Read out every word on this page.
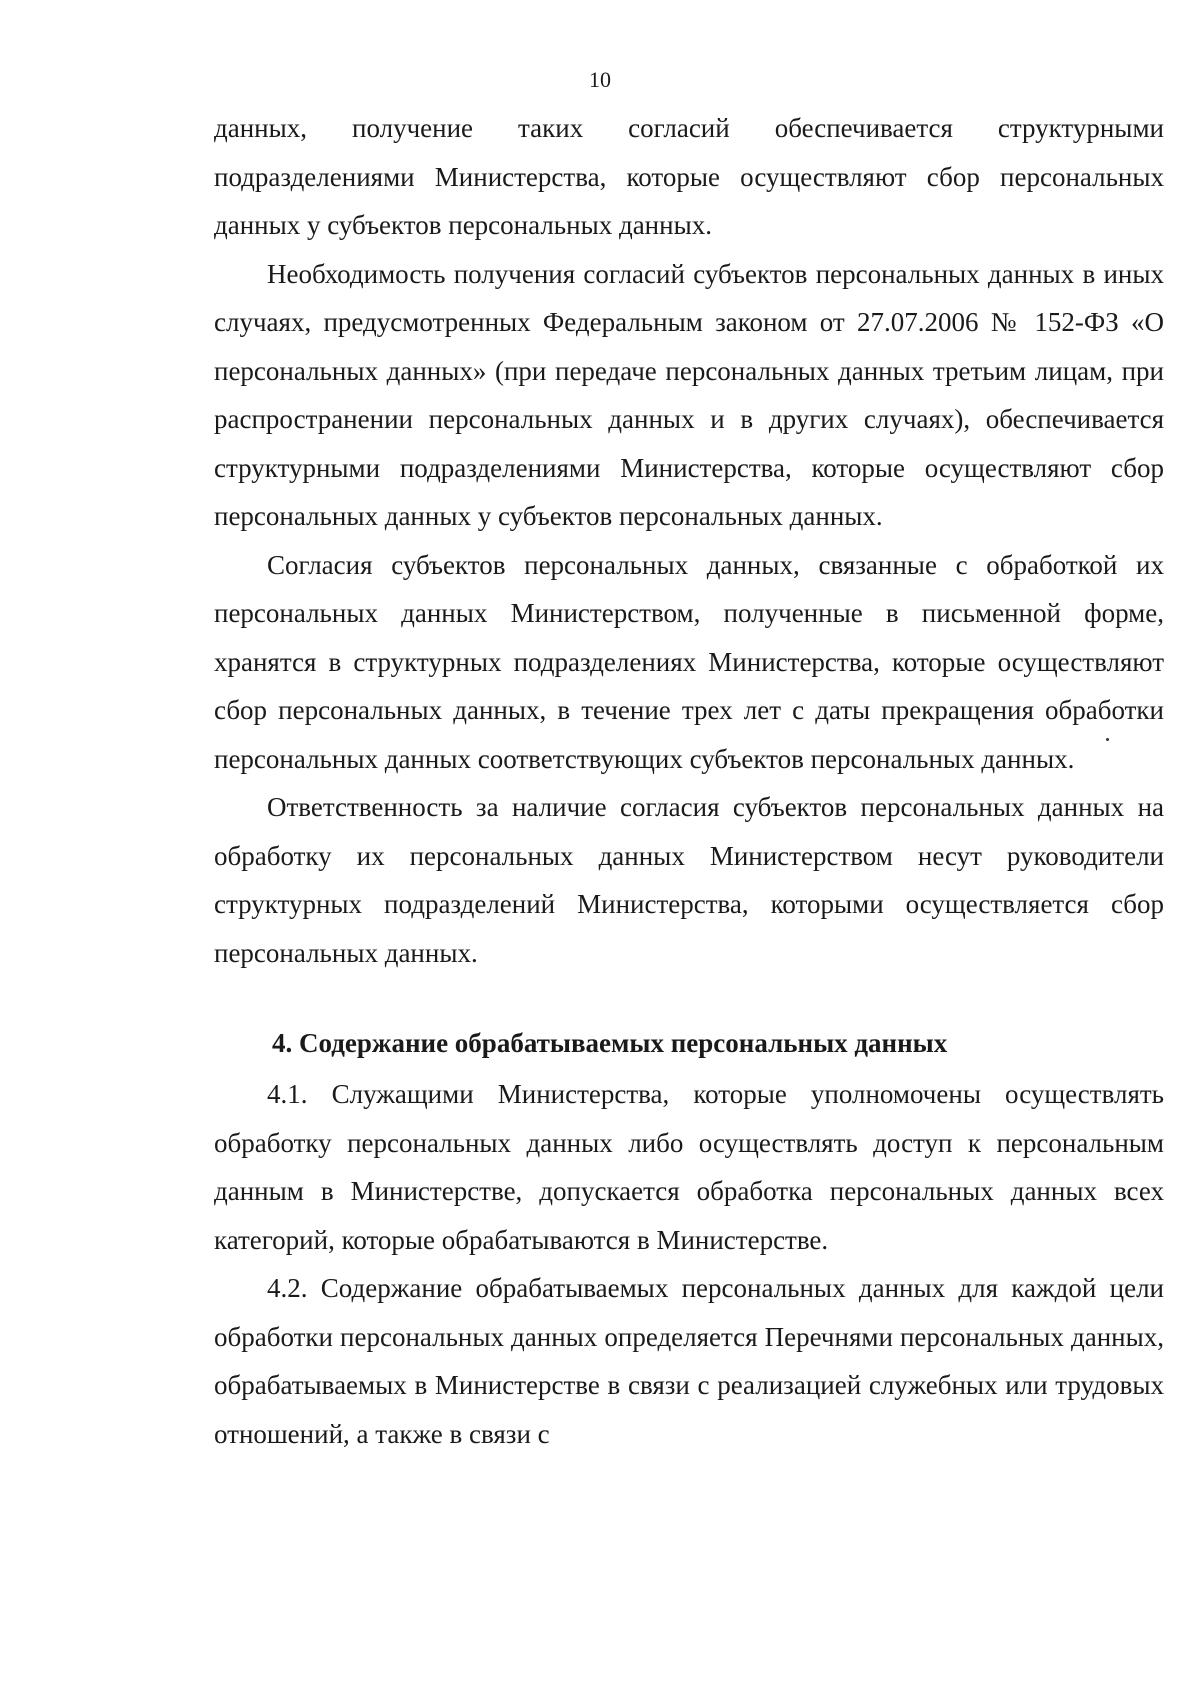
10

данных, получение таких согласий обеспечивается структурными подразделениями Министерства, которые осуществляют сбор персональных данных у субъектов персональных данных.

Необходимость получения согласий субъектов персональных данных в иных случаях, предусмотренных Федеральным законом от 27.07.2006 № 152-ФЗ «О персональных данных» (при передаче персональных данных третьим лицам, при распространении персональных данных и в других случаях), обеспечивается структурными подразделениями Министерства, которые осуществляют сбор персональных данных у субъектов персональных данных.

Согласия субъектов персональных данных, связанные с обработкой их персональных данных Министерством, полученные в письменной форме, хранятся в структурных подразделениях Министерства, которые осуществляют сбор персональных данных, в течение трех лет с даты прекращения обработки персональных данных соответствующих субъектов персональных данных.

Ответственность за наличие согласия субъектов персональных данных на обработку их персональных данных Министерством несут руководители структурных подразделений Министерства, которыми осуществляется сбор персональных данных.

4. Содержание обрабатываемых персональных данных

4.1. Служащими Министерства, которые уполномочены осуществлять обработку персональных данных либо осуществлять доступ к персональным данным в Министерстве, допускается обработка персональных данных всех категорий, которые обрабатываются в Министерстве.

4.2. Содержание обрабатываемых персональных данных для каждой цели обработки персональных данных определяется Перечнями персональных данных, обрабатываемых в Министерстве в связи с реализацией служебных или трудовых отношений, а также в связи с
